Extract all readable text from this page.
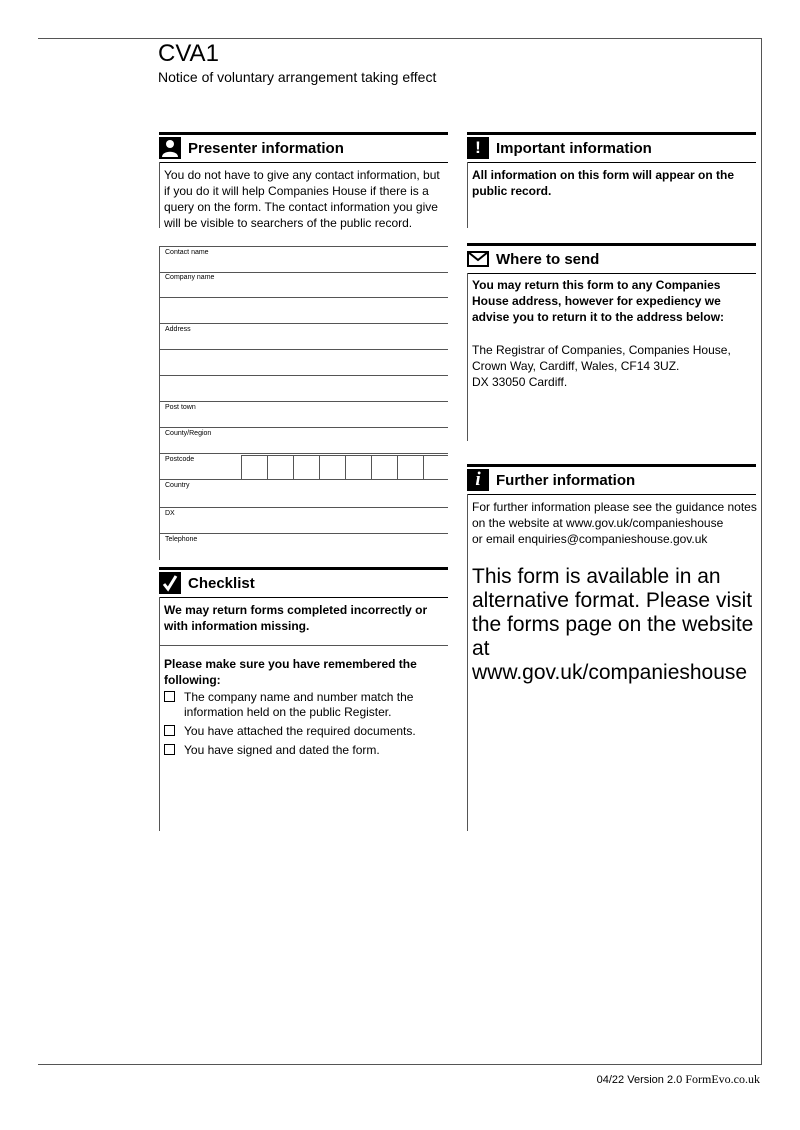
CVA1
Notice of voluntary arrangement taking effect
Presenter information
You do not have to give any contact information, but if you do it will help Companies House if there is a query on the form. The contact information you give will be visible to searchers of the public record.
Contact name
Company name
Address
Post town
County/Region
Postcode
Country
DX
Telephone
Checklist
We may return forms completed incorrectly or with information missing.
Please make sure you have remembered the following:
The company name and number match the information held on the public Register.
You have attached the required documents.
You have signed and dated the form.
!	Important information
All information on this form will appear on the public record.
Where to send
You may return this form to any Companies House address, however for expediency we advise you to return it to the address below:
The Registrar of Companies, Companies House,
Crown Way, Cardiff, Wales, CF14 3UZ.
DX 33050 Cardiff.
i	Further information
For further information please see the guidance notes
on the website at www.gov.uk/companieshouse
or email enquiries@companieshouse.gov.uk
This form is available in an alternative format. Please visit the forms page on the website at www.gov.uk/companieshouse
04/22 Version 2.0 FormEvo.co.uk
